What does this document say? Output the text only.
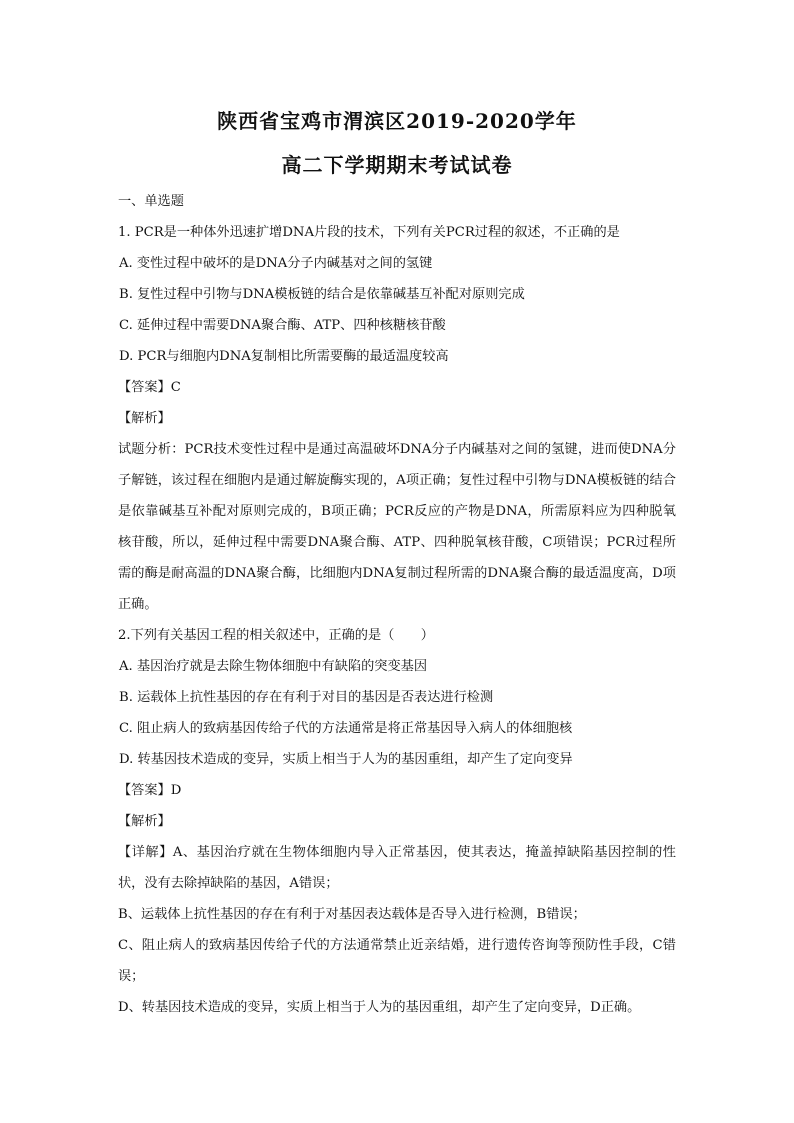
陕西省宝鸡市渭滨区2019-2020学年
高二下学期期末考试试卷
一、单选题
1. PCR是一种体外迅速扩增DNA片段的技术，下列有关PCR过程的叙述，不正确的是
A. 变性过程中破坏的是DNA分子内碱基对之间的氢键
B. 复性过程中引物与DNA模板链的结合是依靠碱基互补配对原则完成
C. 延伸过程中需要DNA聚合酶、ATP、四种核糖核苷酸
D. PCR与细胞内DNA复制相比所需要酶的最适温度较高
【答案】C
【解析】
试题分析：PCR技术变性过程中是通过高温破坏DNA分子内碱基对之间的氢键，进而使DNA分子解链，该过程在细胞内是通过解旋酶实现的，A项正确；复性过程中引物与DNA模板链的结合是依靠碱基互补配对原则完成的，B项正确；PCR反应的产物是DNA，所需原料应为四种脱氧核苷酸，所以，延伸过程中需要DNA聚合酶、ATP、四种脱氧核苷酸，C项错误；PCR过程所需的酶是耐高温的DNA聚合酶，比细胞内DNA复制过程所需的DNA聚合酶的最适温度高，D项正确。
2.下列有关基因工程的相关叙述中，正确的是（　　）
A. 基因治疗就是去除生物体细胞中有缺陷的突变基因
B. 运载体上抗性基因的存在有利于对目的基因是否表达进行检测
C. 阻止病人的致病基因传给子代的方法通常是将正常基因导入病人的体细胞核
D. 转基因技术造成的变异，实质上相当于人为的基因重组，却产生了定向变异
【答案】D
【解析】
【详解】A、基因治疗就在生物体细胞内导入正常基因，使其表达，掩盖掉缺陷基因控制的性状，没有去除掉缺陷的基因，A错误；
B、运载体上抗性基因的存在有利于对基因表达载体是否导入进行检测，B错误；
C、阻止病人的致病基因传给子代的方法通常禁止近亲结婚，进行遗传咨询等预防性手段，C错误；
D、转基因技术造成的变异，实质上相当于人为的基因重组，却产生了定向变异，D正确。
